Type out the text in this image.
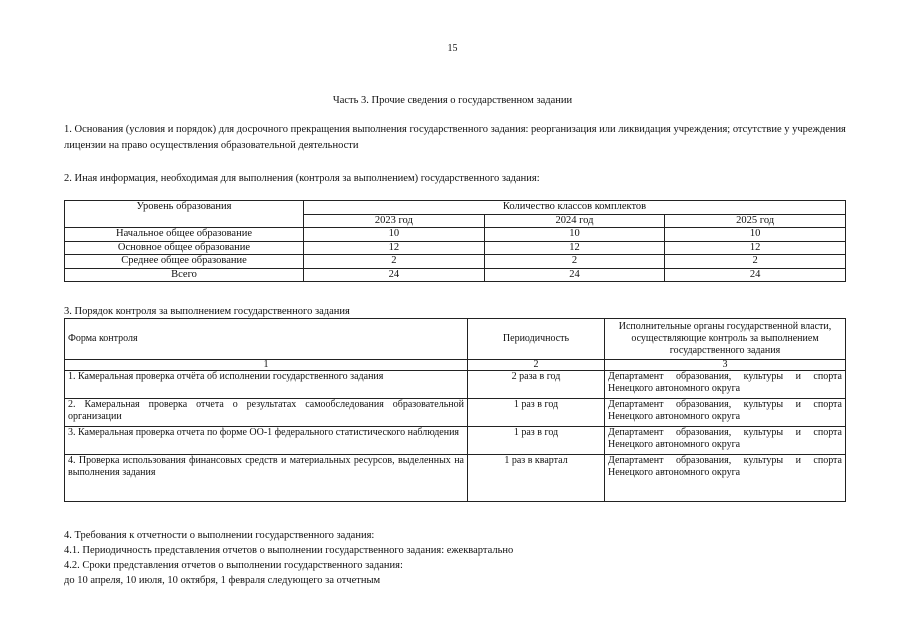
15
Часть 3. Прочие сведения о государственном задании
1. Основания (условия и порядок) для досрочного прекращения выполнения государственного задания: реорганизация или ликвидация учреждения; отсутствие у учреждения лицензии на право осуществления образовательной деятельности
2. Иная информация, необходимая для выполнения (контроля за выполнением) государственного задания:
Уровень образования	Количество классов комплектов		
	2023 год	2024 год	2025 год
Начальное общее образование	10	10	10
Основное общее образование	12	12	12
Среднее общее образование	2	2	2
Всего	24	24	24
3. Порядок контроля за выполнением государственного задания
Форма контроля	Периодичность	Исполнительные органы государственной власти, осуществляющие контроль за выполнением государственного задания
1	2	3
1. Камеральная проверка отчёта об исполнении государственного задания	2 раза в год	Департамент образования, культуры и спорта Ненецкого автономного округа
2. Камеральная проверка отчета о результатах самообследования образовательной организации	1 раз в год	Департамент образования, культуры и спорта Ненецкого автономного округа
3. Камеральная проверка отчета по форме ОО-1 федерального статистического наблюдения	1 раз в год	Департамент образования, культуры и спорта Ненецкого автономного округа
4. Проверка использования финансовых средств и материальных ресурсов, выделенных на выполнения задания	1 раз в квартал	Департамент образования, культуры и спорта Ненецкого автономного округа
4. Требования к отчетности о выполнении государственного задания:
4.1. Периодичность представления отчетов о выполнении государственного задания: ежеквартально
4.2. Сроки представления отчетов о выполнении государственного задания:
до 10 апреля, 10 июля, 10 октября, 1 февраля следующего за отчетным
